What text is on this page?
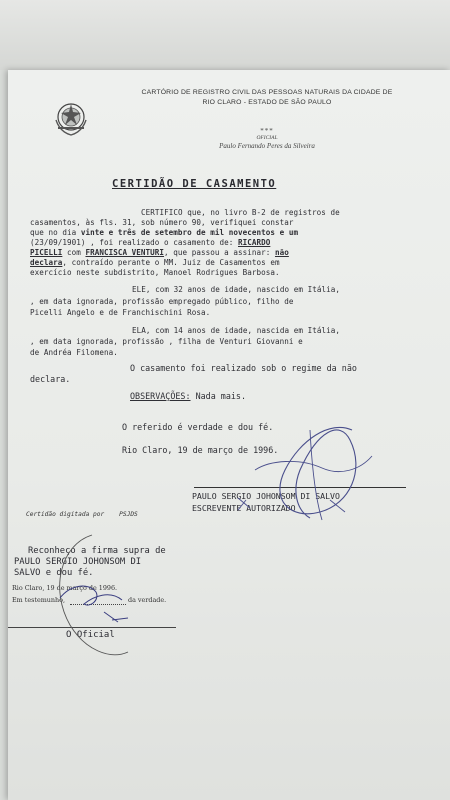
CARTÓRIO DE REGISTRO CIVIL DAS PESSOAS NATURAIS DA CIDADE DE
RIO CLARO - ESTADO DE SÃO PAULO
***
OFICIAL
Paulo Fernando Peres da Silveira
CERTIDÃO DE CASAMENTO
CERTIFICO que, no livro B-2 de registros de
casamentos, às fls. 31, sob número 90, verifiquei constar
que no dia vinte e três de setembro de mil novecentos e um
(23/09/1901) , foi realizado o casamento de: RICARDO
PICELLI com FRANCISCA VENTURI, que passou a assinar: não
declara, contraído perante o MM. Juiz de Casamentos em
exercício neste subdistrito, Manoel Rodrigues Barbosa.
ELE, com 32 anos de idade, nascido em Itália,
, em data ignorada, profissão empregado público, filho de
Picelli Angelo e de Franchischini Rosa.
ELA, com 14 anos de idade, nascida em Itália,
, em data ignorada, profissão , filha de Venturi Giovanni e
de Andréa Filomena.
O casamento foi realizado sob o regime da não
declara.
OBSERVAÇÕES: Nada mais.
O referido é verdade e dou fé.
Rio Claro, 19 de março de 1996.
PAULO SERGIO JOHONSOM DI SALVO
ESCREVENTE AUTORIZADO
Certidão digitada por PSJDS
Reconheço a firma supra de
PAULO SERGIO JOHONSOM DI
SALVO e dou fé.
Rio Claro, 19 de março de 1996.
Em testemunho,	da verdade.
O Oficial
